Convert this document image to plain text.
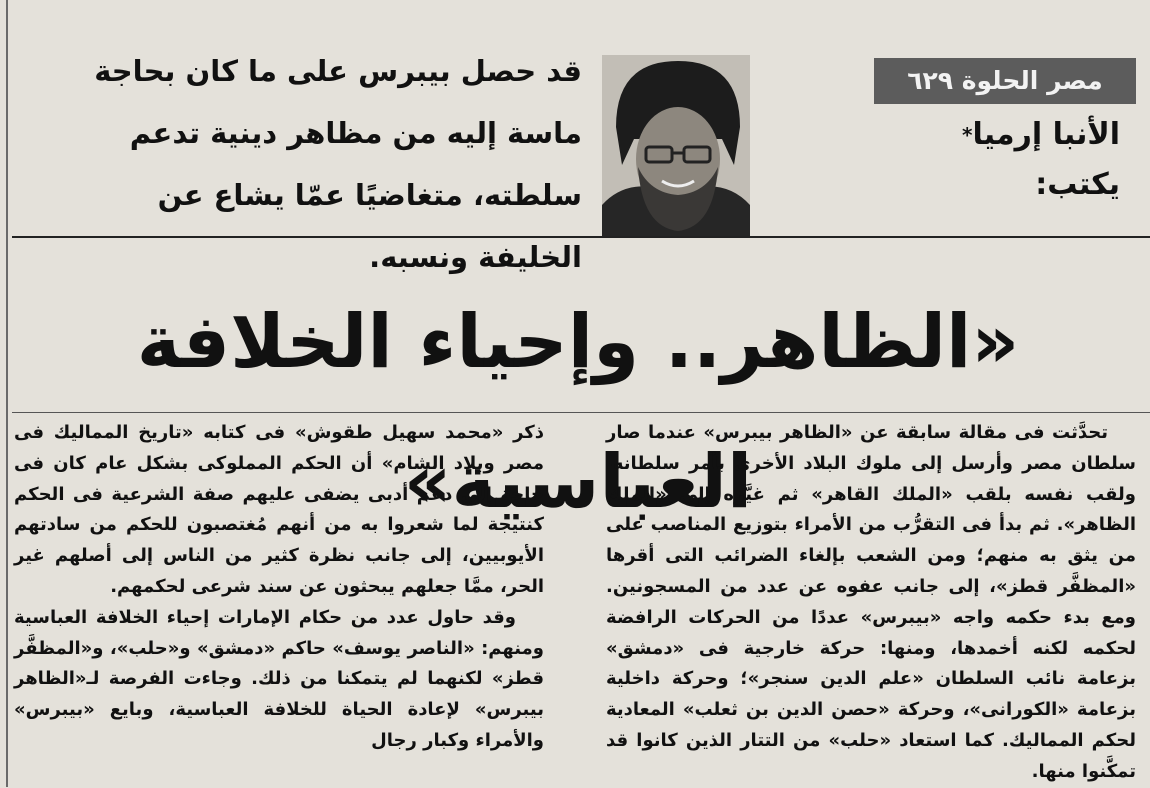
مصر الحلوة ٦٢٩
الأنبا إرميا*
يكتب:
قد حصل بيبرس على ما كان بحاجة ماسة إليه من مظاهر دينية تدعم سلطته، متغاضيًا عمّا يشاع عن الخليفة ونسبه.
«الظاهر.. وإحياء الخلافة العباسية»

تحدَّثت فى مقالة سابقة عن «الظاهر بيبرس» عندما صار سلطان مصر وأرسل إلى ملوك البلاد الأخرى بأمر سلطانه، ولقب نفسه بلقب «الملك القاهر» ثم غيَّره إلى «الملك الظاهر». ثم بدأ فى التقرُّب من الأمراء بتوزيع المناصب على من يثق به منهم؛ ومن الشعب بإلغاء الضرائب التى أقرها «المظفَّر قطز»، إلى جانب عفوه عن عدد من المسجونين. ومع بدء حكمه واجه «بيبرس» عددًا من الحركات الرافضة لحكمه لكنه أخمدها، ومنها: حركة خارجية فى «دمشق» بزعامة نائب السلطان «علم الدين سنجر»؛ وحركة داخلية بزعامة «الكورانى»، وحركة «حصن الدين بن ثعلب» المعادية لحكم المماليك. كما استعاد «حلب» من التتار الذين كانوا قد تمكَّنوا منها.

ذكر «محمد سهيل طقوش» فى كتابه «تاريخ المماليك فى مصر وبلاد الشام» أن الحكم المملوكى بشكل عام كان فى حاجة إلى دعم أدبى يضفى عليهم صفة الشرعية فى الحكم كنتيجة لما شعروا به من أنهم مُغتصبون للحكم من سادتهم الأيوبيين، إلى جانب نظرة كثير من الناس إلى أصلهم غير الحر، ممَّا جعلهم يبحثون عن سند شرعى لحكمهم.

وقد حاول عدد من حكام الإمارات إحياء الخلافة العباسية ومنهم: «الناصر يوسف» حاكم «دمشق» و«حلب»، و«المظفَّر قطز» لكنهما لم يتمكنا من ذلك. وجاءت الفرصة لـ«الظاهر بيبرس» لإعادة الحياة للخلافة العباسية، وبايع «بيبرس» والأمراء وكبار رجال
